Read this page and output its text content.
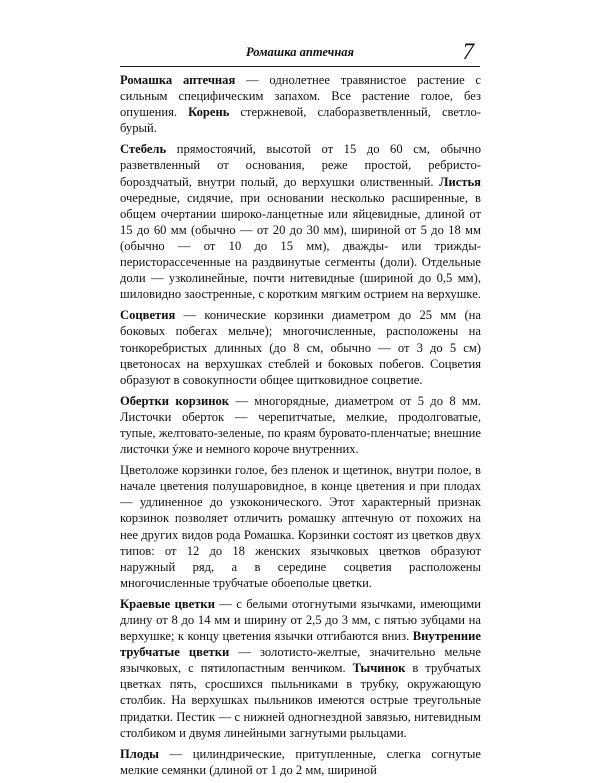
Ромашка аптечная	7

Ромашка аптечная — однолетнее травянистое растение с сильным специфическим запахом. Все растение голое, без опушения. Корень стержневой, слаборазветвленный, светло-бурый.

Стебель прямостоячий, высотой от 15 до 60 см, обычно разветвленный от основания, реже простой, ребристо-бороздчатый, внутри полый, до верхушки олиственный. Листья очередные, сидячие, при основании несколько расширенные, в общем очертании широко-ланцетные или яйцевидные, длиной от 15 до 60 мм (обычно — от 20 до 30 мм), шириной от 5 до 18 мм (обычно — от 10 до 15 мм), дважды- или трижды-перисторассеченные на раздвинутые сегменты (доли). Отдельные доли — узколинейные, почти нитевидные (шириной до 0,5 мм), шиловидно заостренные, с коротким мягким острием на верхушке.

Соцветия — конические корзинки диаметром до 25 мм (на боковых побегах мельче); многочисленные, расположены на тонкоребристых длинных (до 8 см, обычно — от 3 до 5 см) цветоносах на верхушках стеблей и боковых побегов. Соцветия образуют в совокупности общее щитковидное соцветие.

Обертки корзинок — многорядные, диаметром от 5 до 8 мм. Листочки оберток — черепитчатые, мелкие, продолговатые, тупые, желтовато-зеленые, по краям буровато-пленчатые; внешние листочки ýже и немного короче внутренних.

Цветоложе корзинки голое, без пленок и щетинок, внутри полое, в начале цветения полушаровидное, в конце цветения и при плодах — удлиненное до узкоконического. Этот характерный признак корзинок позволяет отличить ромашку аптечную от похожих на нее других видов рода Ромашка. Корзинки состоят из цветков двух типов: от 12 до 18 женских язычковых цветков образуют наружный ряд, а в середине соцветия расположены многочисленные трубчатые обоеполые цветки.

Краевые цветки — с белыми отогнутыми язычками, имеющими длину от 8 до 14 мм и ширину от 2,5 до 3 мм, с пятью зубцами на верхушке; к концу цветения язычки отгибаются вниз. Внутренние трубчатые цветки — золотисто-желтые, значительно мельче язычковых, с пятилопастным венчиком. Тычинок в трубчатых цветках пять, сросшихся пыльниками в трубку, окружающую столбик. На верхушках пыльников имеются острые треугольные придатки. Пестик — с нижней одногнездной завязью, нитевидным столбиком и двумя линейными загнутыми рыльцами.

Плоды — цилиндрические, притупленные, слегка согнутые мелкие семянки (длиной от 1 до 2 мм, шириной
